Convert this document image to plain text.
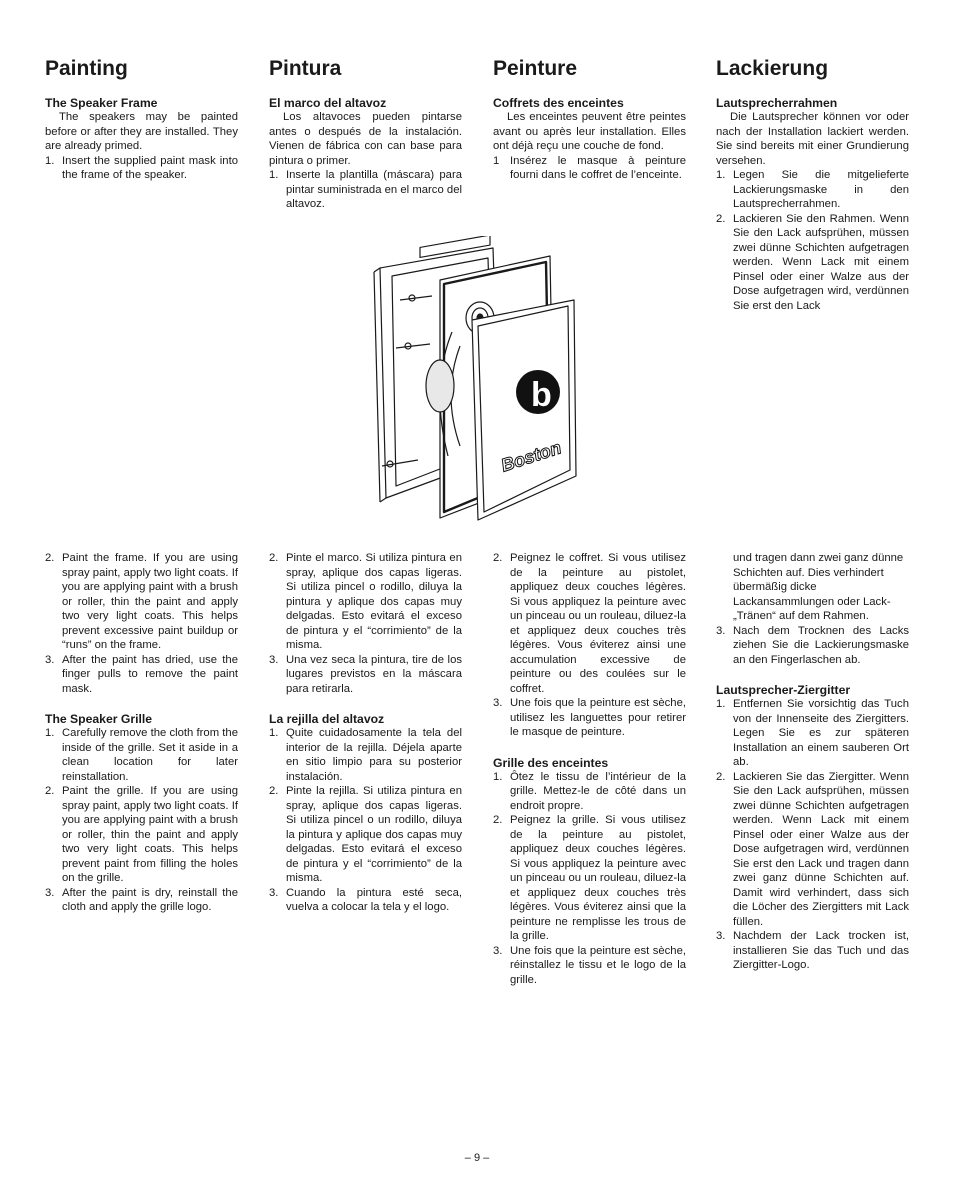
Painting
The Speaker Frame

The speakers may be painted before or after they are installed. They are already primed.

1. Insert the supplied paint mask into the frame of the speaker.
Pintura
El marco del altavoz

Los altavoces pueden pintarse antes o después de la instalación. Vienen de fábrica con can base para pintura o primer.

1. Inserte la plantilla (máscara) para pintar suministrada en el marco del altavoz.
Peinture
Coffrets des enceintes

Les enceintes peuvent être peintes avant ou après leur installation. Elles ont déjà reçu une couche de fond.

1 Insérez le masque à peinture fourni dans le coffret de l’enceinte.
Lackierung
Lautsprecherrahmen

Die Lautsprecher können vor oder nach der Installation lackiert werden. Sie sind bereits mit einer Grundierung versehen.

1. Legen Sie die mitgelieferte Lackierungsmaske in den Lautsprecherrahmen.
2. Lackieren Sie den Rahmen. Wenn Sie den Lack aufsprühen, müssen zwei dünne Schichten aufgetragen werden. Wenn Lack mit einem Pinsel oder einer Walze aus der Dose aufgetragen wird, verdünnen Sie erst den Lack
b
Boston
2. Paint the frame. If you are using spray paint, apply two light coats. If you are applying paint with a brush or roller, thin the paint and apply two very light coats. This helps prevent excessive paint buildup or “runs” on the frame.
3. After the paint has dried, use the finger pulls to remove the paint mask.
The Speaker Grille
1. Carefully remove the cloth from the inside of the grille. Set it aside in a clean location for later reinstallation.
2. Paint the grille. If you are using spray paint, apply two light coats. If you are applying paint with a brush or roller, thin the paint and apply two very light coats. This helps prevent paint from filling the holes on the grille.
3. After the paint is dry, reinstall the cloth and apply the grille logo.
2. Pinte el marco. Si utiliza pintura en spray, aplique dos capas ligeras. Si utiliza pincel o rodillo, diluya la pintura y aplique dos capas muy delgadas. Esto evitará el exceso de pintura y el “corrimiento” de la misma.
3. Una vez seca la pintura, tire de los lugares previstos en la máscara para retirarla.
La rejilla del altavoz
1. Quite cuidadosamente la tela del interior de la rejilla. Déjela aparte en sitio limpio para su posterior instalación.
2. Pinte la rejilla. Si utiliza pintura en spray, aplique dos capas ligeras. Si utiliza pincel o un rodillo, diluya la pintura y aplique dos capas muy delgadas. Esto evitará el exceso de pintura y el “corrimiento” de la misma.
3. Cuando la pintura esté seca, vuelva a colocar la tela y el logo.
2. Peignez le coffret. Si vous utilisez de la peinture au pistolet, appliquez deux couches légères. Si vous appliquez la peinture avec un pinceau ou un rouleau, diluez-la et appliquez deux couches très légères. Vous éviterez ainsi une accumulation excessive de peinture ou des coulées sur le coffret.
3. Une fois que la peinture est sèche, utilisez les languettes pour retirer le masque de peinture.
Grille des enceintes
1. Ôtez le tissu de l’intérieur de la grille. Mettez-le de côté dans un endroit propre.
2. Peignez la grille. Si vous utilisez de la peinture au pistolet, appliquez deux couches légères. Si vous appliquez la peinture avec un pinceau ou un rouleau, diluez-la et appliquez deux couches très légères. Vous éviterez ainsi que la peinture ne remplisse les trous de la grille.
3. Une fois que la peinture est sèche, réinstallez le tissu et le logo de la grille.

und tragen dann zwei ganz dünne Schichten auf. Dies verhindert übermäßig dicke Lackansammlungen oder Lack-„Tränen“ auf dem Rahmen.

3. Nach dem Trocknen des Lacks ziehen Sie die Lackierungsmaske an den Fingerlaschen ab.
Lautsprecher-Ziergitter
1. Entfernen Sie vorsichtig das Tuch von der Innenseite des Ziergitters. Legen Sie es zur späteren Installation an einem sauberen Ort ab.
2. Lackieren Sie das Ziergitter. Wenn Sie den Lack aufsprühen, müssen zwei dünne Schichten aufgetragen werden. Wenn Lack mit einem Pinsel oder einer Walze aus der Dose aufgetragen wird, verdünnen Sie erst den Lack und tragen dann zwei ganz dünne Schichten auf. Damit wird verhindert, dass sich die Löcher des Ziergitters mit Lack füllen.
3. Nachdem der Lack trocken ist, installieren Sie das Tuch und das Ziergitter-Logo.
– 9 –
